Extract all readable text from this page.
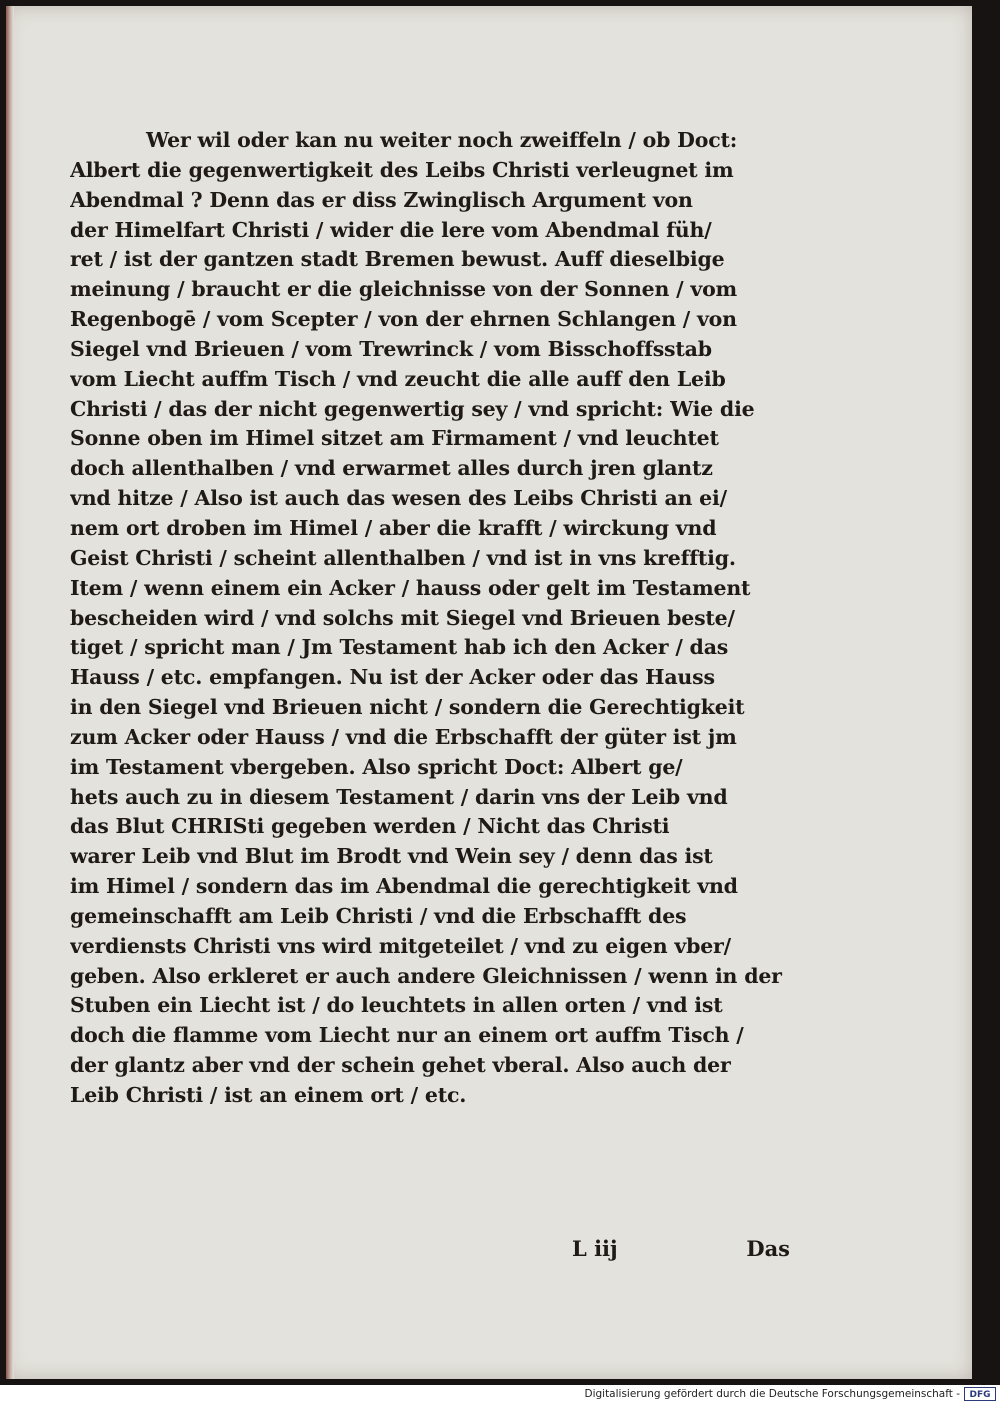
Wer wil oder kan nu weiter noch zweiffeln / ob Doct:
Albert die gegenwertigkeit des Leibs Christi verleugnet im
Abendmal ? Denn das er diss Zwinglisch Argument von
der Himelfart Christi / wider die lere vom Abendmal füh/
ret / ist der gantzen stadt Bremen bewust. Auff dieselbige
meinung / braucht er die gleichnisse von der Sonnen / vom
Regenbogē / vom Scepter / von der ehrnen Schlangen / von
Siegel vnd Brieuen / vom Trewrinck / vom Bisschoffsstab
vom Liecht auffm Tisch / vnd zeucht die alle auff den Leib
Christi / das der nicht gegenwertig sey / vnd spricht: Wie die
Sonne oben im Himel sitzet am Firmament / vnd leuchtet
doch allenthalben / vnd erwarmet alles durch jren glantz
vnd hitze / Also ist auch das wesen des Leibs Christi an ei/
nem ort droben im Himel / aber die krafft / wirckung vnd
Geist Christi / scheint allenthalben / vnd ist in vns krefftig.
Item / wenn einem ein Acker / hauss oder gelt im Testament
bescheiden wird / vnd solchs mit Siegel vnd Brieuen beste/
tiget / spricht man / Jm Testament hab ich den Acker / das
Hauss / etc. empfangen. Nu ist der Acker oder das Hauss
in den Siegel vnd Brieuen nicht / sondern die Gerechtigkeit
zum Acker oder Hauss / vnd die Erbschafft der güter ist jm
im Testament vbergeben. Also spricht Doct: Albert ge/
hets auch zu in diesem Testament / darin vns der Leib vnd
das Blut CHRISti gegeben werden / Nicht das Christi
warer Leib vnd Blut im Brodt vnd Wein sey / denn das ist
im Himel / sondern das im Abendmal die gerechtigkeit vnd
gemeinschafft am Leib Christi / vnd die Erbschafft des
verdiensts Christi vns wird mitgeteilet / vnd zu eigen vber/
geben. Also erkleret er auch andere Gleichnissen / wenn in der
Stuben ein Liecht ist / do leuchtets in allen orten / vnd ist
doch die flamme vom Liecht nur an einem ort auffm Tisch /
der glantz aber vnd der schein gehet vberal. Also auch der
Leib Christi / ist an einem ort / etc.
L iij	Das
Digitalisierung gefördert durch die Deutsche Forschungsgemeinschaft -	DFG
